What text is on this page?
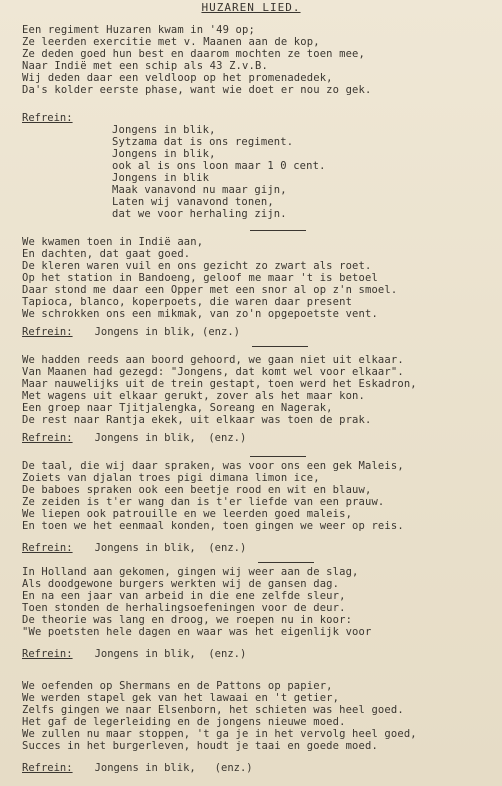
HUZAREN LIED.
Een regiment Huzaren kwam in '49 op;
Ze leerden exercitie met v. Maanen aan de kop,
Ze deden goed hun best en daarom mochten ze toen mee,
Naar Indië met een schip als 43 Z.v.B.
Wij deden daar een veldloop op het promenadedek,
Da's kolder eerste phase, want wie doet er nou zo gek.
Refrein:
Jongens in blik,
Sytzama dat is ons regiment.
Jongens in blik,
ook al is ons loon maar 1 0 cent.
Jongens in blik
Maak vanavond nu maar gijn,
Laten wij vanavond tonen,
dat we voor herhaling zijn.
We kwamen toen in Indië aan,
En dachten, dat gaat goed.
De kleren waren vuil en ons gezicht zo zwart als roet.
Op het station in Bandoeng, geloof me maar 't is betoel
Daar stond me daar een Opper met een snor al op z'n smoel.
Tapioca, blanco, koperpoets, die waren daar present
We schrokken ons een mikmak, van zo'n opgepoetste vent.
Refrein: Jongens in blik, (enz.)
We hadden reeds aan boord gehoord, we gaan niet uit elkaar.
Van Maanen had gezegd: "Jongens, dat komt wel voor elkaar".
Maar nauwelijks uit de trein gestapt, toen werd het Eskadron,
Met wagens uit elkaar gerukt, zover als het maar kon.
Een groep naar Tjitjalengka, Soreang en Nagerak,
De rest naar Rantja ekek, uit elkaar was toen de prak.
Refrein: Jongens in blik,  (enz.)
De taal, die wij daar spraken, was voor ons een gek Maleis,
Zoiets van djalan troes pigi dimana limon ice,
De baboes spraken ook een beetje rood en wit en blauw,
Ze zeiden is t'er wang dan is t'er liefde van een prauw.
We liepen ook patrouille en we leerden goed maleis,
En toen we het eenmaal konden, toen gingen we weer op reis.
Refrein: Jongens in blik,  (enz.)
In Holland aan gekomen, gingen wij weer aan de slag,
Als doodgewone burgers werkten wij de gansen dag.
En na een jaar van arbeid in die ene zelfde sleur,
Toen stonden de herhalingsoefeningen voor de deur.
De theorie was lang en droog, we roepen nu in koor:
"We poetsten hele dagen en waar was het eigenlijk voor
Refrein: Jongens in blik,  (enz.)
We oefenden op Shermans en de Pattons op papier,
We werden stapel gek van het lawaai en 't getier,
Zelfs gingen we naar Elsenborn, het schieten was heel goed.
Het gaf de legerleiding en de jongens nieuwe moed.
We zullen nu maar stoppen, 't ga je in het vervolg heel goed,
Succes in het burgerleven, houdt je taai en goede moed.
Refrein: Jongens in blik,   (enz.)
